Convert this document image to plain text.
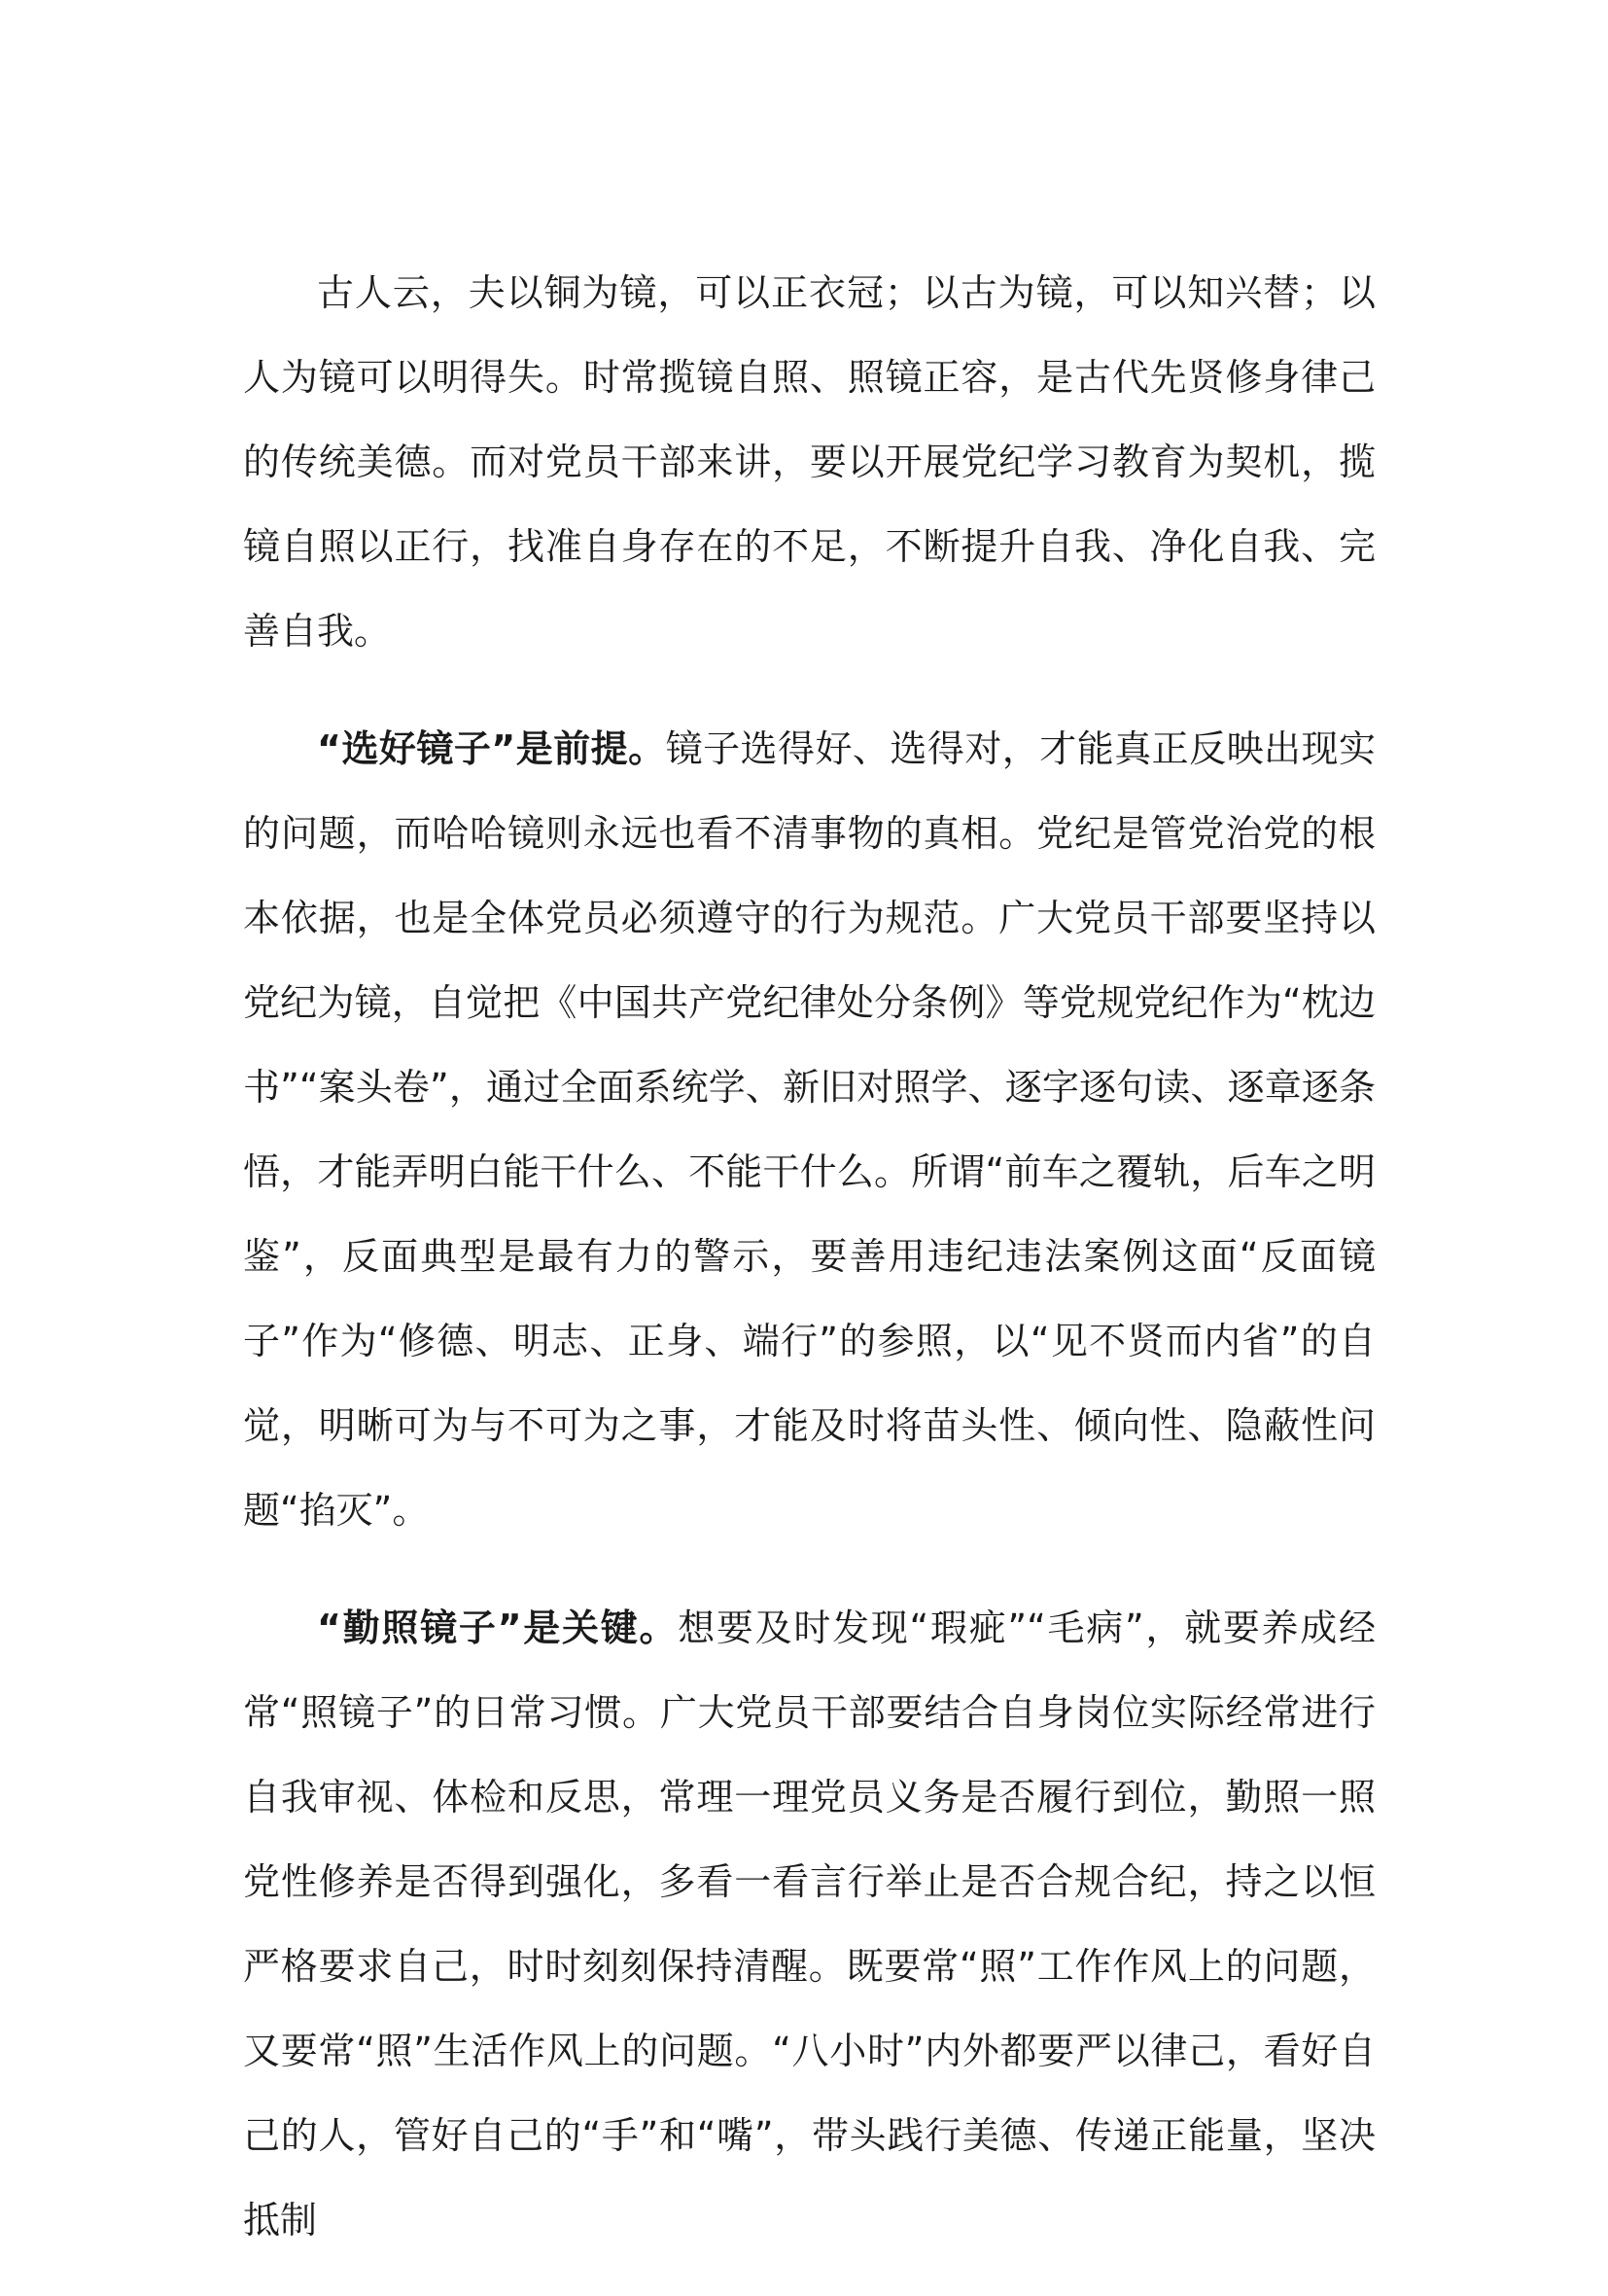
古人云，夫以铜为镜，可以正衣冠；以古为镜，可以知兴替；以人为镜可以明得失。时常揽镜自照、照镜正容，是古代先贤修身律己的传统美德。而对党员干部来讲，要以开展党纪学习教育为契机，揽镜自照以正行，找准自身存在的不足，不断提升自我、净化自我、完善自我。

“选好镜子”是前提。镜子选得好、选得对，才能真正反映出现实的问题，而哈哈镜则永远也看不清事物的真相。党纪是管党治党的根本依据，也是全体党员必须遵守的行为规范。广大党员干部要坚持以党纪为镜，自觉把《中国共产党纪律处分条例》等党规党纪作为“枕边书”“案头卷”，通过全面系统学、新旧对照学、逐字逐句读、逐章逐条悟，才能弄明白能干什么、不能干什么。所谓“前车之覆轨，后车之明鉴”，反面典型是最有力的警示，要善用违纪违法案例这面“反面镜子”作为“修德、明志、正身、端行”的参照，以“见不贤而内省”的自觉，明晰可为与不可为之事，才能及时将苗头性、倾向性、隐蔽性问题“掐灭”。

“勤照镜子”是关键。想要及时发现“瑕疵”“毛病”，就要养成经常“照镜子”的日常习惯。广大党员干部要结合自身岗位实际经常进行自我审视、体检和反思，常理一理党员义务是否履行到位，勤照一照党性修养是否得到强化，多看一看言行举止是否合规合纪，持之以恒严格要求自己，时时刻刻保持清醒。既要常“照”工作作风上的问题，又要常“照”生活作风上的问题。“八小时”内外都要严以律己，看好自己的人，管好自己的“手”和“嘴”，带头践行美德、传递正能量，坚决抵制
